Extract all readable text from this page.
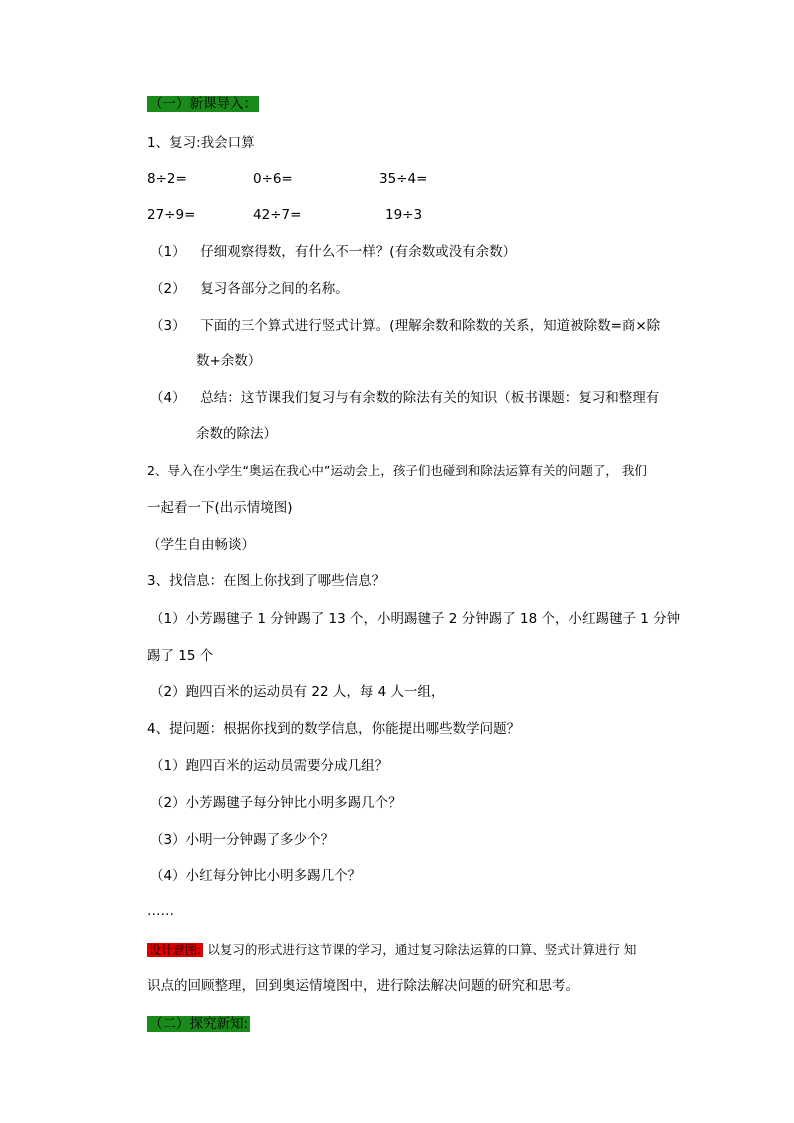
（一）新课导入：
1、复习:我会口算
8÷2=	0÷6=	35÷4=
27÷9=	42÷7=	19÷3
（1） 仔细观察得数，有什么不一样？(有余数或没有余数）
（2） 复习各部分之间的名称。
（3） 下面的三个算式进行竖式计算。(理解余数和除数的关系，知道被除数=商×除
数+余数）
（4） 总结：这节课我们复习与有余数的除法有关的知识（板书课题：复习和整理有
余数的除法）
2、导入在小学生“奥运在我心中”运动会上，孩子们也碰到和除法运算有关的问题了， 我们
一起看一下(出示情境图)
（学生自由畅谈）
3、找信息：在图上你找到了哪些信息？
（1）小芳踢毽子 1 分钟踢了 13 个，小明踢毽子 2 分钟踢了 18 个，小红踢毽子 1 分钟
踢了 15 个
（2）跑四百米的运动员有 22 人，每 4 人一组，
4、提问题：根据你找到的数学信息，你能提出哪些数学问题？
（1）跑四百米的运动员需要分成几组？
（2）小芳踢毽子每分钟比小明多踢几个？
（3）小明一分钟踢了多少个？
（4）小红每分钟比小明多踢几个？
……
设计意图: 以复习的形式进行这节课的学习，通过复习除法运算的口算、竖式计算进行 知
识点的回顾整理，回到奥运情境图中，进行除法解决问题的研究和思考。
（二）探究新知:
